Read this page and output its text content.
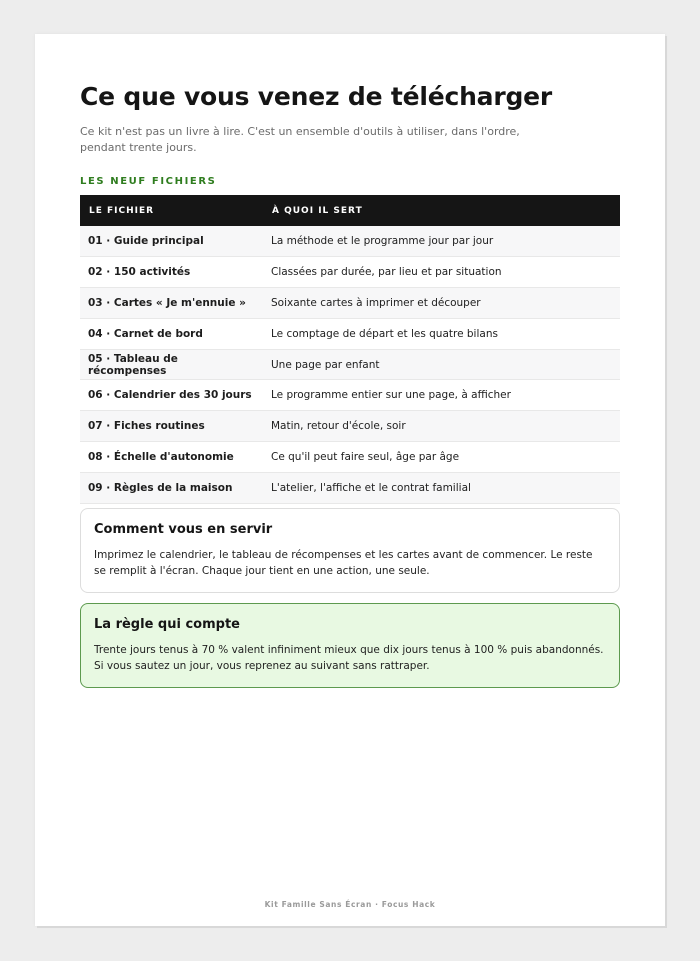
Ce que vous venez de télécharger
Ce kit n'est pas un livre à lire. C'est un ensemble d'outils à utiliser, dans l'ordre, pendant trente jours.
LES NEUF FICHIERS
LE FICHIER	À QUOI IL SERT
01 · Guide principal	La méthode et le programme jour par jour
02 · 150 activités	Classées par durée, par lieu et par situation
03 · Cartes « Je m'ennuie »	Soixante cartes à imprimer et découper
04 · Carnet de bord	Le comptage de départ et les quatre bilans
05 · Tableau de récompenses	Une page par enfant
06 · Calendrier des 30 jours	Le programme entier sur une page, à afficher
07 · Fiches routines	Matin, retour d'école, soir
08 · Échelle d'autonomie	Ce qu'il peut faire seul, âge par âge
09 · Règles de la maison	L'atelier, l'affiche et le contrat familial
Comment vous en servir

Imprimez le calendrier, le tableau de récompenses et les cartes avant de commencer. Le reste se remplit à l'écran. Chaque jour tient en une action, une seule.

La règle qui compte

Trente jours tenus à 70 % valent infiniment mieux que dix jours tenus à 100 % puis abandonnés. Si vous sautez un jour, vous reprenez au suivant sans rattraper.

Kit Famille Sans Écran · Focus Hack
